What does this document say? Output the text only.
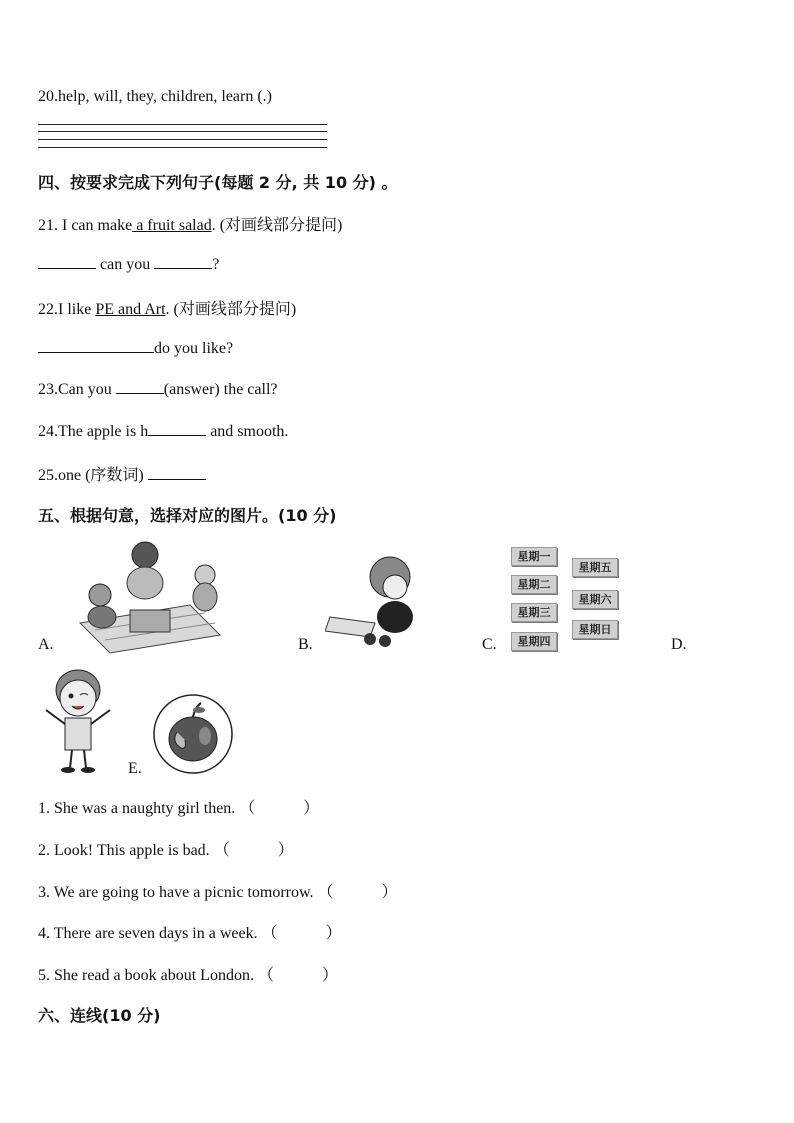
20.help, will, they, children, learn (.)
四、按要求完成下列句子(每题 2 分, 共 10 分) 。
21. I can make a fruit salad. (对画线部分提问)
can you	?
22.I like PE and Art. (对画线部分提问)
do you like?
23.Can you	(answer) the call?
24.The apple is h	and smooth.
25.one (序数词)
五、根据句意，选择对应的图片。(10 分)
A.	B.
星期一
星期二
星期三
星期四
星期五
星期六
星期日
C.	D.
E.
1. She was a naughty girl then. （　　　）
2. Look! This apple is bad. （　　　）
3. We are going to have a picnic tomorrow. （　　　）
4. There are seven days in a week. （　　　）
5. She read a book about London. （　　　）
六、连线(10 分)
